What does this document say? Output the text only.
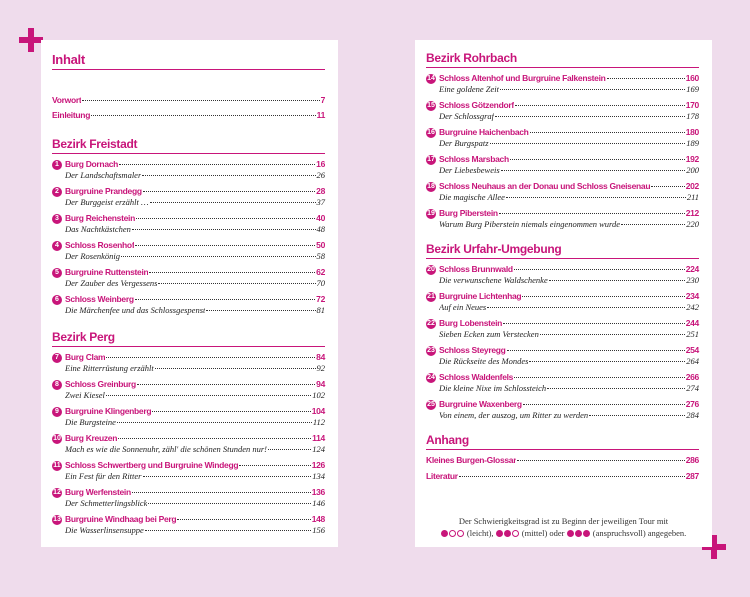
Inhalt
Vorwort	7
Einleitung	11
Bezirk Freistadt
1 Burg Dornach	16
Der Landschaftsmaler	26
2 Burgruine Prandegg	28
Der Burggeist erzählt …	37
3 Burg Reichenstein	40
Das Nachtkästchen	48
4 Schloss Rosenhof	50
Der Rosenkönig	58
5 Burgruine Ruttenstein	62
Der Zauber des Vergessens	70
6 Schloss Weinberg	72
Die Märchenfee und das Schlossgespenst	81
Bezirk Perg
7 Burg Clam	84
Eine Ritterrüstung erzählt	92
8 Schloss Greinburg	94
Zwei Kiesel	102
9 Burgruine Klingenberg	104
Die Burgsteine	112
10 Burg Kreuzen	114
Mach es wie die Sonnenuhr, zähl' die schönen Stunden nur!	124
11 Schloss Schwertberg und Burgruine Windegg	126
Ein Fest für den Ritter	134
12 Burg Werfenstein	136
Der Schmetterlingsblick	146
13 Burgruine Windhaag bei Perg	148
Die Wasserlinsensuppe	156
Bezirk Rohrbach
14 Schloss Altenhof und Burgruine Falkenstein	160
Eine goldene Zeit	169
15 Schloss Götzendorf	170
Der Schlossgraf	178
16 Burgruine Haichenbach	180
Der Burgspatz	189
17 Schloss Marsbach	192
Der Liebesbeweis	200
18 Schloss Neuhaus an der Donau und Schloss Gneisenau	202
Die magische Allee	211
19 Burg Piberstein	212
Warum Burg Piberstein niemals eingenommen wurde	220
Bezirk Urfahr-Umgebung
20 Schloss Brunnwald	224
Die verwunschene Waldschenke	230
21 Burgruine Lichtenhag	234
Auf ein Neues	242
22 Burg Lobenstein	244
Sieben Ecken zum Verstecken	251
23 Schloss Steyregg	254
Die Rückseite des Mondes	264
24 Schloss Waldenfels	266
Die kleine Nixe im Schlossteich	274
25 Burgruine Waxenberg	276
Von einem, der auszog, um Ritter zu werden	284
Anhang
Kleines Burgen-Glossar	286
Literatur	287
Der Schwierigkeitsgrad ist zu Beginn der jeweiligen Tour mit
(leicht),	(mittel) oder	(anspruchsvoll) angegeben.
